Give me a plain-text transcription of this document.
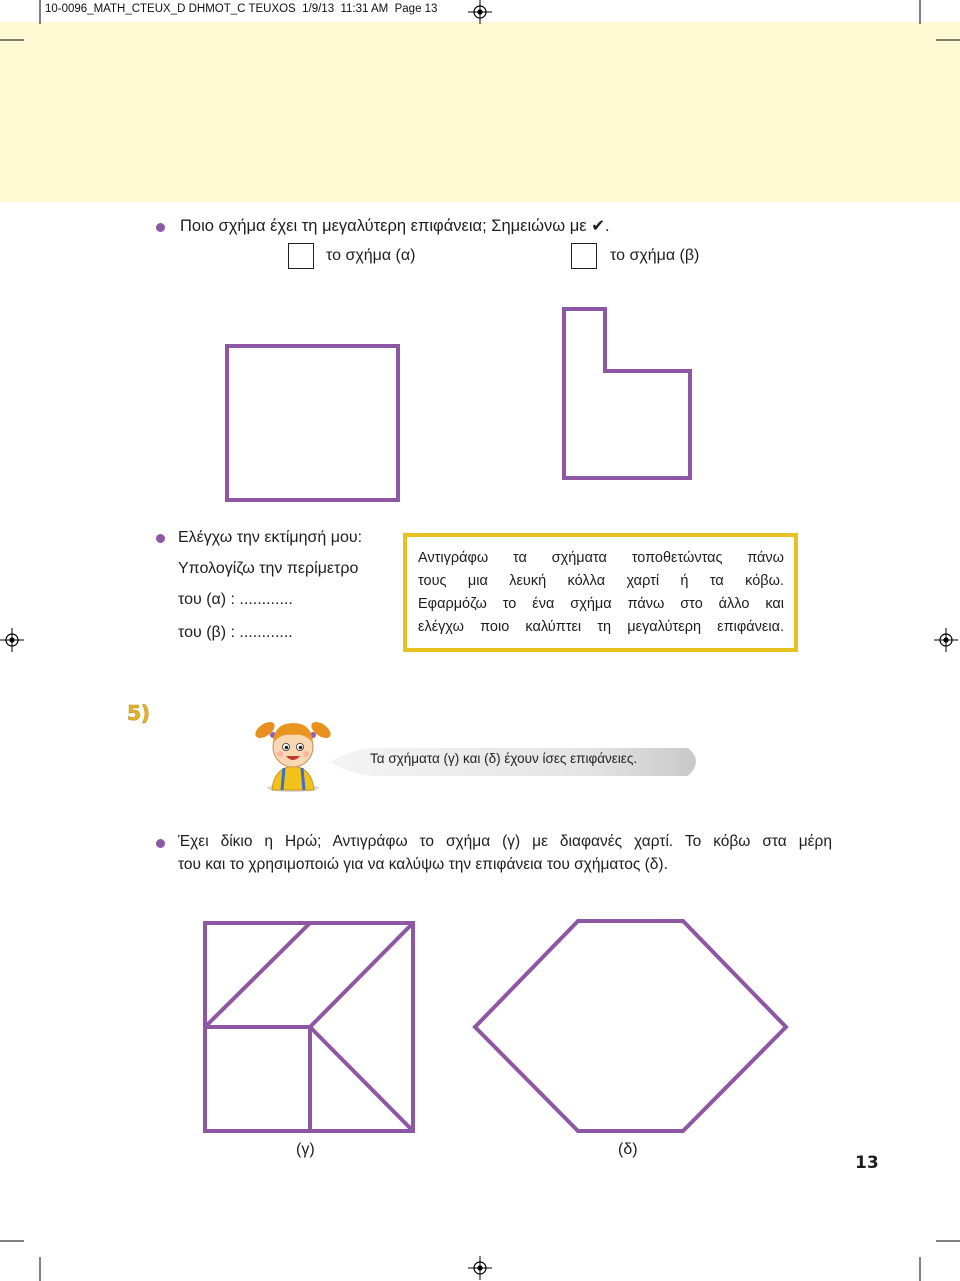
10-0096_MATH_CTEUX_D DHMOT_C TEUXOS  1/9/13  11:31 AM  Page 13
Ποιο σχήμα έχει τη μεγαλύτερη επιφάνεια; Σημειώνω με ✔.
το σχήμα (α)	το σχήμα (β)
Ελέγχω την εκτίμησή μου:
Υπολογίζω την περίμετρο
του (α) : ............
του (β) : ............
Αντιγράφω τα σχήματα τοποθετώντας πάνω
τους μια λευκή κόλλα χαρτί ή τα κόβω.
Εφαρμόζω το ένα σχήμα πάνω στο άλλο και
ελέγχω ποιο καλύπτει τη μεγαλύτερη επιφάνεια.
5)
Τα σχήματα (γ) και (δ) έχουν ίσες επιφάνειες.
Έχει δίκιο η Ηρώ; Αντιγράφω το σχήμα (γ) με διαφανές χαρτί. Το κόβω στα μέρη
του και το χρησιμοποιώ για να καλύψω την επιφάνεια του σχήματος (δ).
(γ)	(δ)
13
